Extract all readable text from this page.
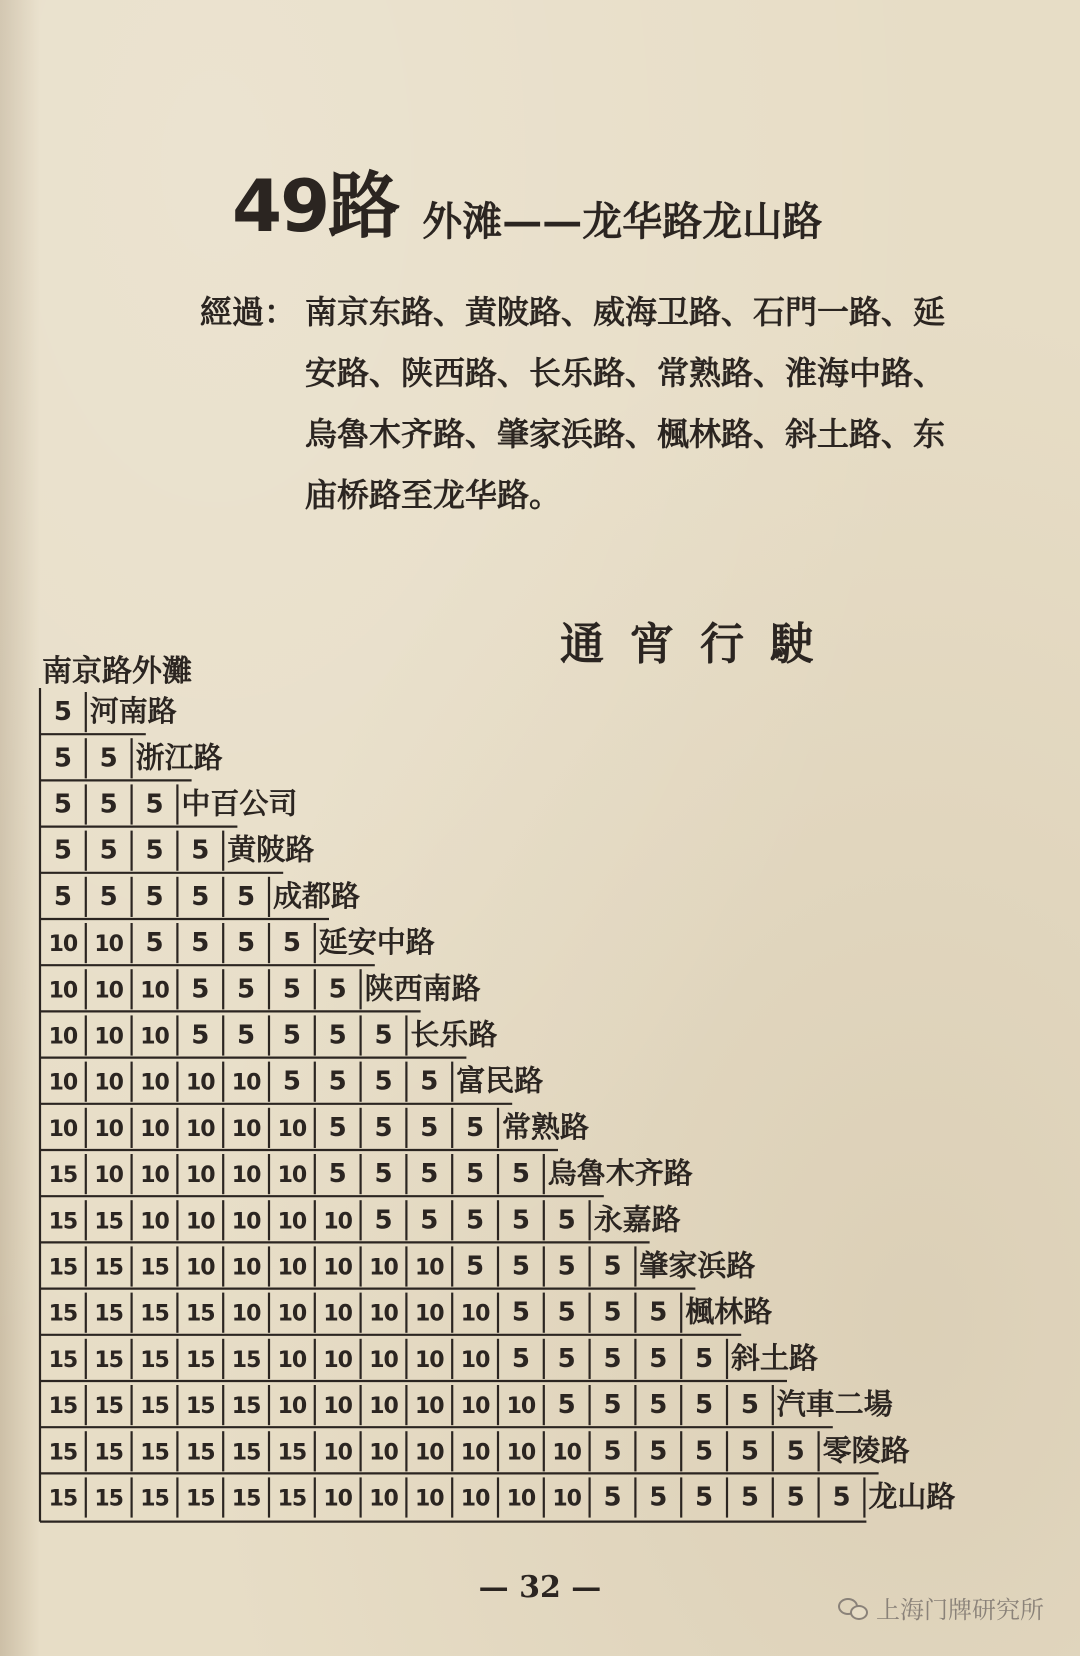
49路 外滩——龙华路龙山路
經過： 南京东路、黄陂路、威海卫路、石門一路、延安路、陕西路、长乐路、常熟路、淮海中路、烏魯木齐路、肇家浜路、楓林路、斜土路、东庙桥路至龙华路。
通宵行駛
南京路外灘
5 河南路
5 5 浙江路
5 5 5 中百公司
5 5 5 5 黄陂路
5 5 5 5 5 成都路
10 10 5 5 5 5 延安中路
10 10 10 5 5 5 5 陕西南路
10 10 10 5 5 5 5 5 长乐路
10 10 10 10 10 5 5 5 5 富民路
10 10 10 10 10 10 5 5 5 5 常熟路
15 10 10 10 10 10 5 5 5 5 5 烏魯木齐路
15 15 10 10 10 10 10 5 5 5 5 5 永嘉路
15 15 15 10 10 10 10 10 10 5 5 5 5 肇家浜路
15 15 15 15 10 10 10 10 10 10 5 5 5 5 楓林路
15 15 15 15 15 10 10 10 10 10 5 5 5 5 5 斜土路
15 15 15 15 15 10 10 10 10 10 10 5 5 5 5 5 汽車二場
15 15 15 15 15 15 10 10 10 10 10 10 5 5 5 5 5 零陵路
15 15 15 15 15 15 10 10 10 10 10 10 5 5 5 5 5 5 龙山路
— 32 —
上海门牌研究所
